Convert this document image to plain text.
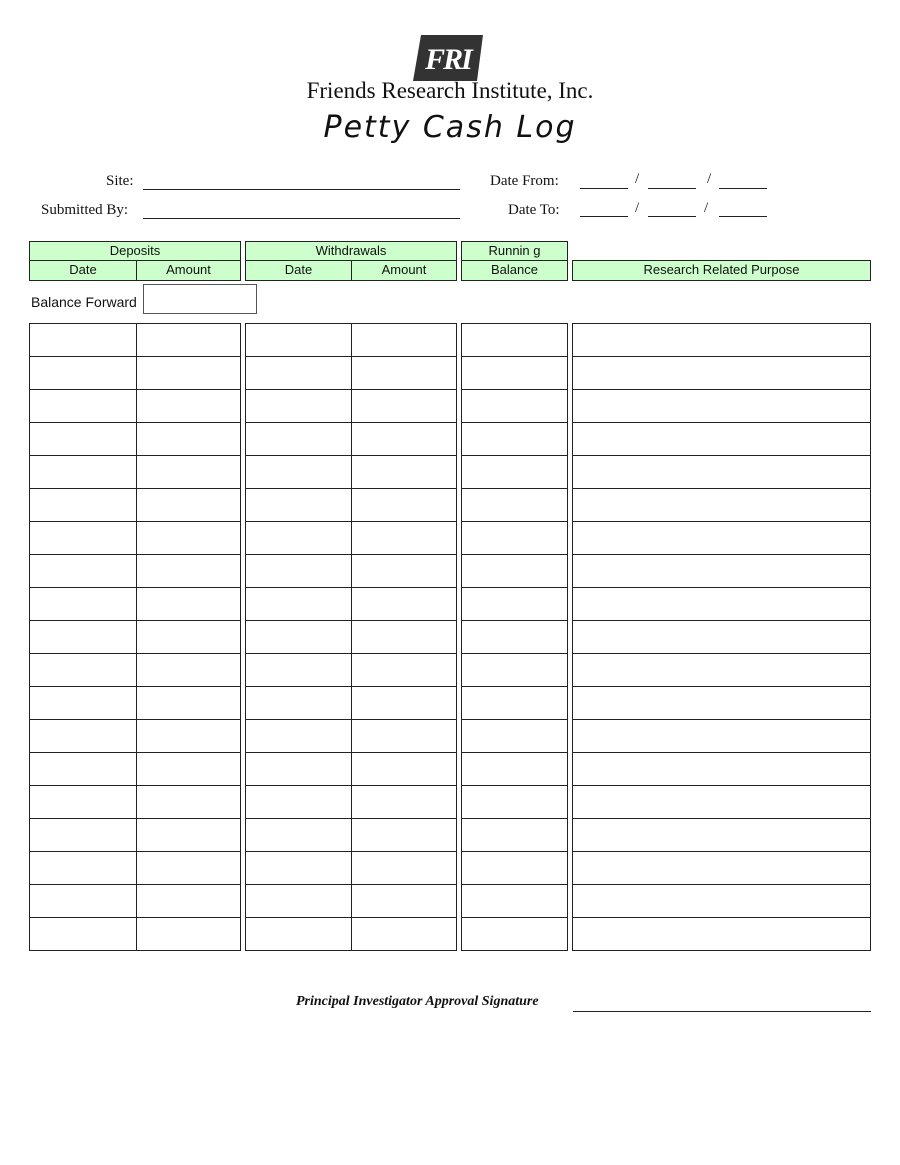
FRI
Friends Research Institute, Inc.
Petty Cash Log
Site:
Submitted By:
Date From:	/	/
Date To:	/	/
Deposits	Withdrawals	Runnin g
Date	Amount	Date	Amount	Balance	Research Related Purpose
Balance Forward

Principal Investigator Approval Signature
